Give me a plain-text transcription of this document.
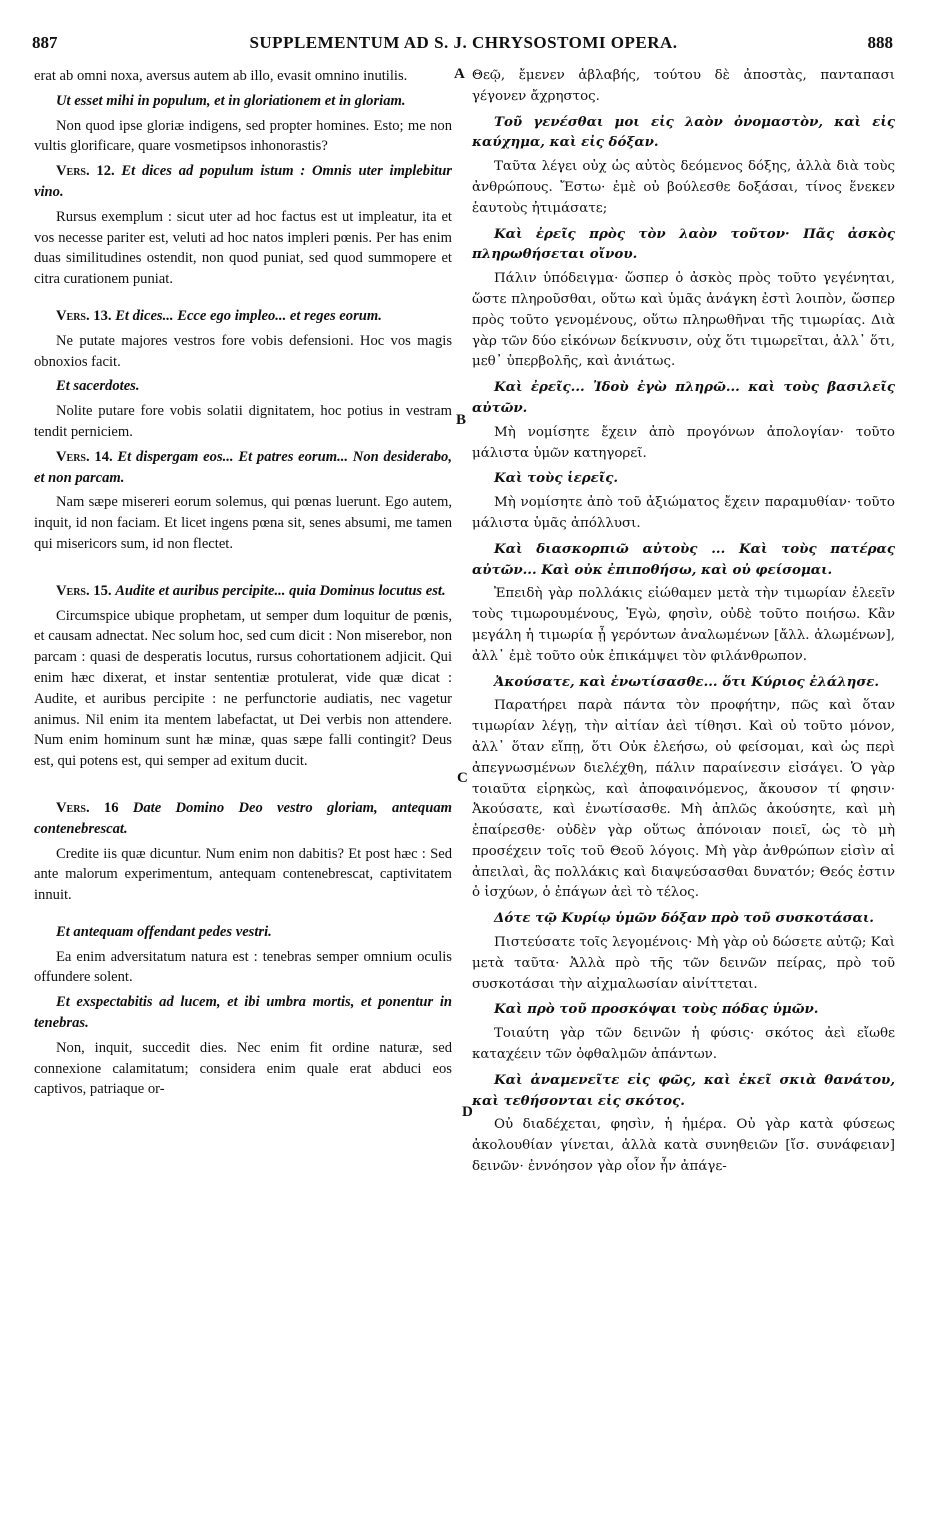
887	SUPPLEMENTUM AD S. J. CHRYSOSTOMI OPERA.	888
A
B
C
D
erat ab omni noxa, aversus autem ab illo, evasit omnino inutilis.
Ut esset mihi in populum, et in gloriationem et in gloriam.
Non quod ipse gloriæ indigens, sed propter homines. Esto; me non vultis glorificare, quare vosmetipsos inhonorastis?
Vers. 12. Et dices ad populum istum : Omnis uter implebitur vino.
Rursus exemplum : sicut uter ad hoc factus est ut impleatur, ita et vos necesse pariter est, veluti ad hoc natos impleri pœnis. Per has enim duas similitudines ostendit, non quod puniat, sed quod summopere et citra curationem puniat.
Vers. 13. Et dices... Ecce ego impleo... et reges eorum.
Ne putate majores vestros fore vobis defensioni. Hoc vos magis obnoxios facit.
Et sacerdotes.
Nolite putare fore vobis solatii dignitatem, hoc potius in vestram tendit perniciem.
Vers. 14. Et dispergam eos... Et patres eorum... Non desiderabo, et non parcam.
Nam sæpe misereri eorum solemus, qui pœnas luerunt. Ego autem, inquit, id non faciam. Et licet ingens pœna sit, senes absumi, me tamen qui misericors sum, id non flectet.
Vers. 15. Audite et auribus percipite... quia Dominus locutus est.
Circumspice ubique prophetam, ut semper dum loquitur de pœnis, et causam adnectat. Nec solum hoc, sed cum dicit : Non miserebor, non parcam : quasi de desperatis locutus, rursus cohortationem adjicit. Qui enim hæc dixerat, et instar sententiæ protulerat, vide quæ dicat : Audite, et auribus percipite : ne perfunctorie audiatis, nec vagetur animus. Nil enim ita mentem labefactat, ut Dei verbis non attendere. Num enim hominum sunt hæ minæ, quas sæpe falli contingit? Deus est, qui potens est, qui semper ad exitum ducit.
Vers. 16 Date Domino Deo vestro gloriam, antequam contenebrescat.
Credite iis quæ dicuntur. Num enim non dabitis? Et post hæc : Sed ante malorum experimentum, antequam contenebrescat, captivitatem innuit.
Et antequam offendant pedes vestri.
Ea enim adversitatum natura est : tenebras semper omnium oculis offundere solent.
Et exspectabitis ad lucem, et ibi umbra mortis, et ponentur in tenebras.
Non, inquit, succedit dies. Nec enim fit ordine naturæ, sed connexione calamitatum; considera enim quale erat abduci eos captivos, patriaque or-
Θεῷ, ἔμενεν ἀβλαβής, τούτου δὲ ἀποστὰς, πανταπασι γέγονεν ἄχρηστος.
Τοῦ γενέσθαι μοι εἰς λαὸν ὀνομαστὸν, καὶ εἰς καύχημα, καὶ εἰς δόξαν.
Ταῦτα λέγει οὐχ ὡς αὐτὸς δεόμενος δόξης, ἀλλὰ διὰ τοὺς ἀνθρώπους. Ἔστω· ἐμὲ οὐ βούλεσθε δοξάσαι, τίνος ἕνεκεν ἑαυτοὺς ἠτιμάσατε;
Καὶ ἐρεῖς πρὸς τὸν λαὸν τοῦτον· Πᾶς ἀσκὸς πληρωθήσεται οἴνου.
Πάλιν ὑπόδειγμα· ὥσπερ ὁ ἀσκὸς πρὸς τοῦτο γεγένηται, ὥστε πληροῦσθαι, οὕτω καὶ ὑμᾶς ἀνάγκη ἐστὶ λοιπὸν, ὥσπερ πρὸς τοῦτο γενομένους, οὕτω πληρωθῆναι τῆς τιμωρίας. Διὰ γὰρ τῶν δύο εἰκόνων δείκνυσιν, οὐχ ὅτι τιμωρεῖται, ἀλλ᾽ ὅτι, μεθ᾽ ὑπερβολῆς, καὶ ἀνιάτως.
Καὶ ἐρεῖς... Ἰδοὺ ἐγὼ πληρῶ... καὶ τοὺς βασιλεῖς αὐτῶν.
Μὴ νομίσητε ἔχειν ἀπὸ προγόνων ἀπολογίαν· τοῦτο μάλιστα ὑμῶν κατηγορεῖ.
Καὶ τοὺς ἱερεῖς.
Μὴ νομίσητε ἀπὸ τοῦ ἀξιώματος ἔχειν παραμυθίαν· τοῦτο μάλιστα ὑμᾶς ἀπόλλυσι.
Καὶ διασκορπιῶ αὐτοὺς ... Καὶ τοὺς πατέρας αὐτῶν... Καὶ οὐκ ἐπιποθήσω, καὶ οὐ φείσομαι.
Ἐπειδὴ γὰρ πολλάκις εἰώθαμεν μετὰ τὴν τιμωρίαν ἐλεεῖν τοὺς τιμωρουμένους, Ἐγὼ, φησὶν, οὐδὲ τοῦτο ποιήσω. Κἂν μεγάλη ἡ τιμωρία ᾖ γερόντων ἀναλωμένων [ἄλλ. ἀλωμένων], ἀλλ᾽ ἐμὲ τοῦτο οὐκ ἐπικάμψει τὸν φιλάνθρωπον.
Ἀκούσατε, καὶ ἐνωτίσασθε... ὅτι Κύριος ἐλάλησε.
Παρατήρει παρὰ πάντα τὸν προφήτην, πῶς καὶ ὅταν τιμωρίαν λέγῃ, τὴν αἰτίαν ἀεὶ τίθησι. Καὶ οὐ τοῦτο μόνον, ἀλλ᾽ ὅταν εἴπῃ, ὅτι Οὐκ ἐλεήσω, οὐ φείσομαι, καὶ ὡς περὶ ἀπεγνωσμένων διελέχθη, πάλιν παραίνεσιν εἰσάγει. Ὁ γὰρ τοιαῦτα εἰρηκὼς, καὶ ἀποφαινόμενος, ἄκουσον τί φησιν· Ἀκούσατε, καὶ ἐνωτίσασθε. Μὴ ἁπλῶς ἀκούσητε, καὶ μὴ ἐπαίρεσθε· οὐδὲν γὰρ οὕτως ἀπόνοιαν ποιεῖ, ὡς τὸ μὴ προσέχειν τοῖς τοῦ Θεοῦ λόγοις. Μὴ γὰρ ἀνθρώπων εἰσὶν αἱ ἀπειλαὶ, ἃς πολλάκις καὶ διαψεύσασθαι δυνατόν; Θεός ἐστιν ὁ ἰσχύων, ὁ ἐπάγων ἀεὶ τὸ τέλος.
Δότε τῷ Κυρίῳ ὑμῶν δόξαν πρὸ τοῦ συσκοτάσαι.
Πιστεύσατε τοῖς λεγομένοις· Μὴ γὰρ οὐ δώσετε αὐτῷ; Καὶ μετὰ ταῦτα· Ἀλλὰ πρὸ τῆς τῶν δεινῶν πείρας, πρὸ τοῦ συσκοτάσαι τὴν αἰχμαλωσίαν αἰνίττεται.
Καὶ πρὸ τοῦ προσκόψαι τοὺς πόδας ὑμῶν.
Τοιαύτη γὰρ τῶν δεινῶν ἡ φύσις· σκότος ἀεὶ εἴωθε καταχέειν τῶν ὀφθαλμῶν ἁπάντων.
Καὶ ἀναμενεῖτε εἰς φῶς, καὶ ἐκεῖ σκιὰ θανάτου, καὶ τεθήσονται εἰς σκότος.
Οὐ διαδέχεται, φησὶν, ἡ ἡμέρα. Οὐ γὰρ κατὰ φύσεως ἀκολουθίαν γίνεται, ἀλλὰ κατὰ συνηθειῶν [ἴσ. συνάφειαν] δεινῶν· ἐννόησον γὰρ οἷον ἦν ἀπάγε-
